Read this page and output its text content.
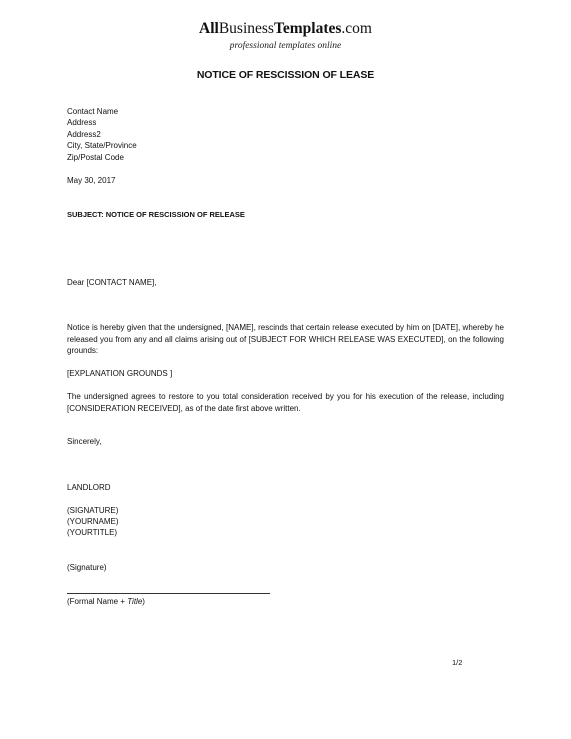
AllBusinessTemplates.com
professional templates online
NOTICE OF RESCISSION OF LEASE
Contact Name
Address
Address2
City, State/Province
Zip/Postal Code
May 30, 2017
SUBJECT: NOTICE OF RESCISSION OF RELEASE
Dear [CONTACT NAME],
Notice is hereby given that the undersigned, [NAME], rescinds that certain release executed by him on [DATE], whereby he released you from any and all claims arising out of [SUBJECT FOR WHICH RELEASE WAS EXECUTED], on the following grounds:
[EXPLANATION GROUNDS ]
The undersigned agrees to restore to you total consideration received by you for his execution of the release, including [CONSIDERATION RECEIVED], as of the date first above written.
Sincerely,
LANDLORD
(SIGNATURE)
(YOURNAME)
(YOURTITLE)
(Signature)
(Formal Name + Title)
1/2
